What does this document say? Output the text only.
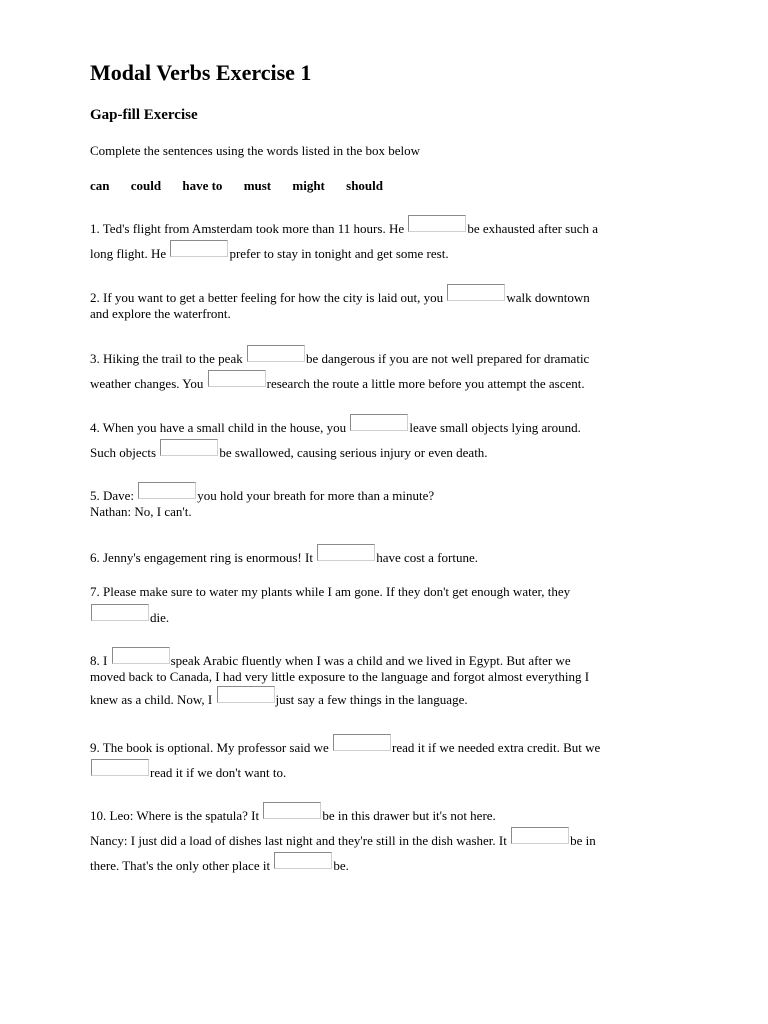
Modal Verbs Exercise 1
Gap-fill Exercise

Complete the sentences using the words listed in the box below

can could have to must might should

1. Ted's flight from Amsterdam took more than 11 hours. He	be exhausted after such a
long flight. He	prefer to stay in tonight and get some rest.
2. If you want to get a better feeling for how the city is laid out, you	walk downtown
and explore the waterfront.
3. Hiking the trail to the peak	be dangerous if you are not well prepared for dramatic
weather changes. You	research the route a little more before you attempt the ascent.
4. When you have a small child in the house, you	leave small objects lying around.
Such objects	be swallowed, causing serious injury or even death.
5. Dave:	you hold your breath for more than a minute?
Nathan: No, I can't.
6. Jenny's engagement ring is enormous! It	have cost a fortune.
7. Please make sure to water my plants while I am gone. If they don't get enough water, they
die.
8. I	speak Arabic fluently when I was a child and we lived in Egypt. But after we
moved back to Canada, I had very little exposure to the language and forgot almost everything I
knew as a child. Now, I	just say a few things in the language.
9. The book is optional. My professor said we	read it if we needed extra credit. But we
read it if we don't want to.
10. Leo: Where is the spatula? It	be in this drawer but it's not here.
Nancy: I just did a load of dishes last night and they're still in the dish washer. It	be in
there. That's the only other place it	be.
